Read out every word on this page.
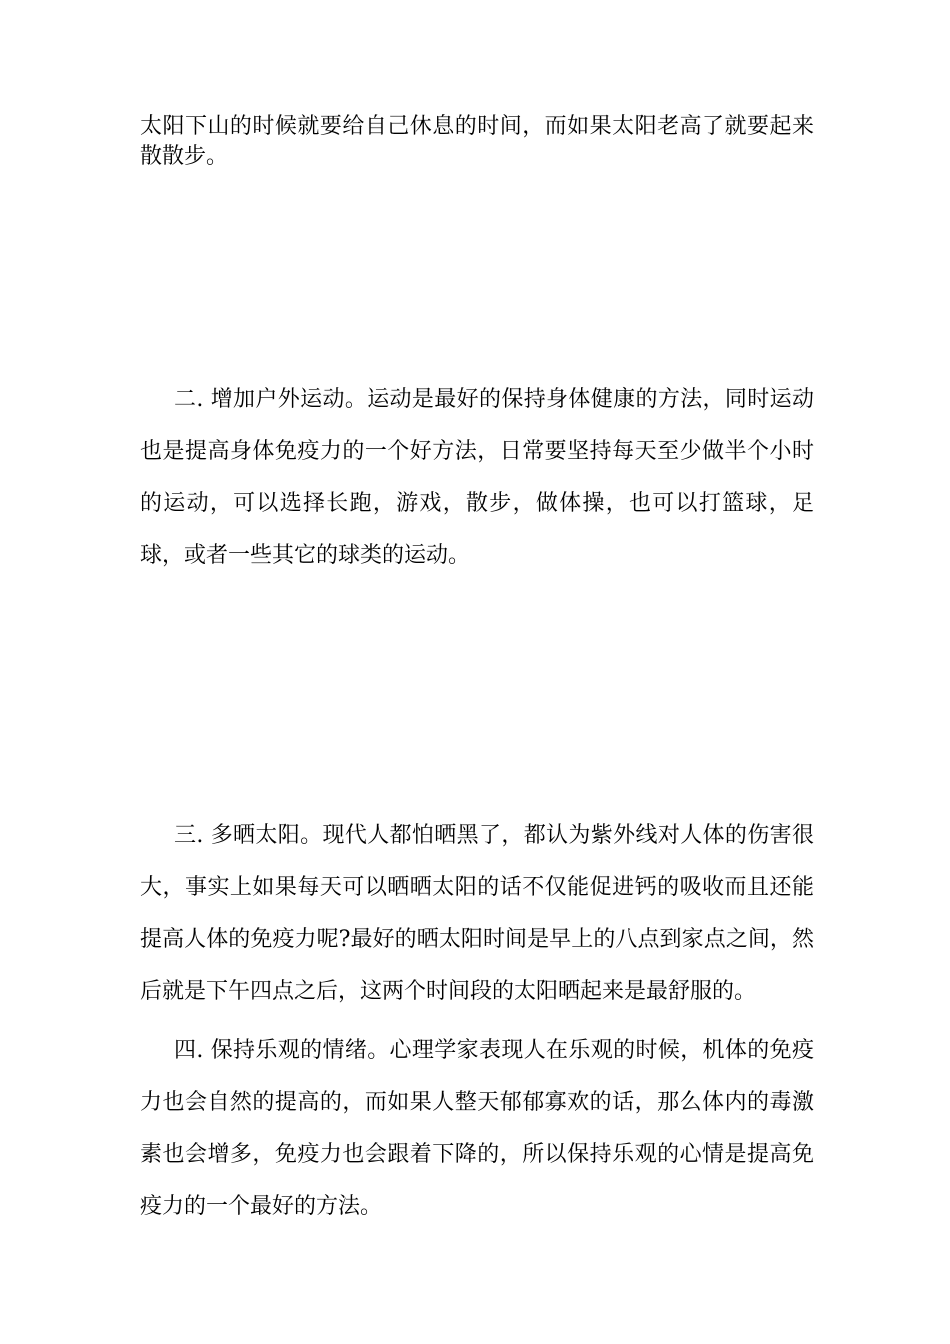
太阳下山的时候就要给自己休息的时间，而如果太阳老高了就要起来散散步。

二. 增加户外运动。运动是最好的保持身体健康的方法，同时运动也是提高身体免疫力的一个好方法，日常要坚持每天至少做半个小时的运动，可以选择长跑，游戏，散步，做体操，也可以打篮球，足球，或者一些其它的球类的运动。

三. 多晒太阳。现代人都怕晒黑了，都认为紫外线对人体的伤害很大，事实上如果每天可以晒晒太阳的话不仅能促进钙的吸收而且还能提高人体的免疫力呢?最好的晒太阳时间是早上的八点到家点之间，然后就是下午四点之后，这两个时间段的太阳晒起来是最舒服的。

四. 保持乐观的情绪。心理学家表现人在乐观的时候，机体的免疫力也会自然的提高的，而如果人整天郁郁寡欢的话，那么体内的毒激素也会增多，免疫力也会跟着下降的，所以保持乐观的心情是提高免疫力的一个最好的方法。
